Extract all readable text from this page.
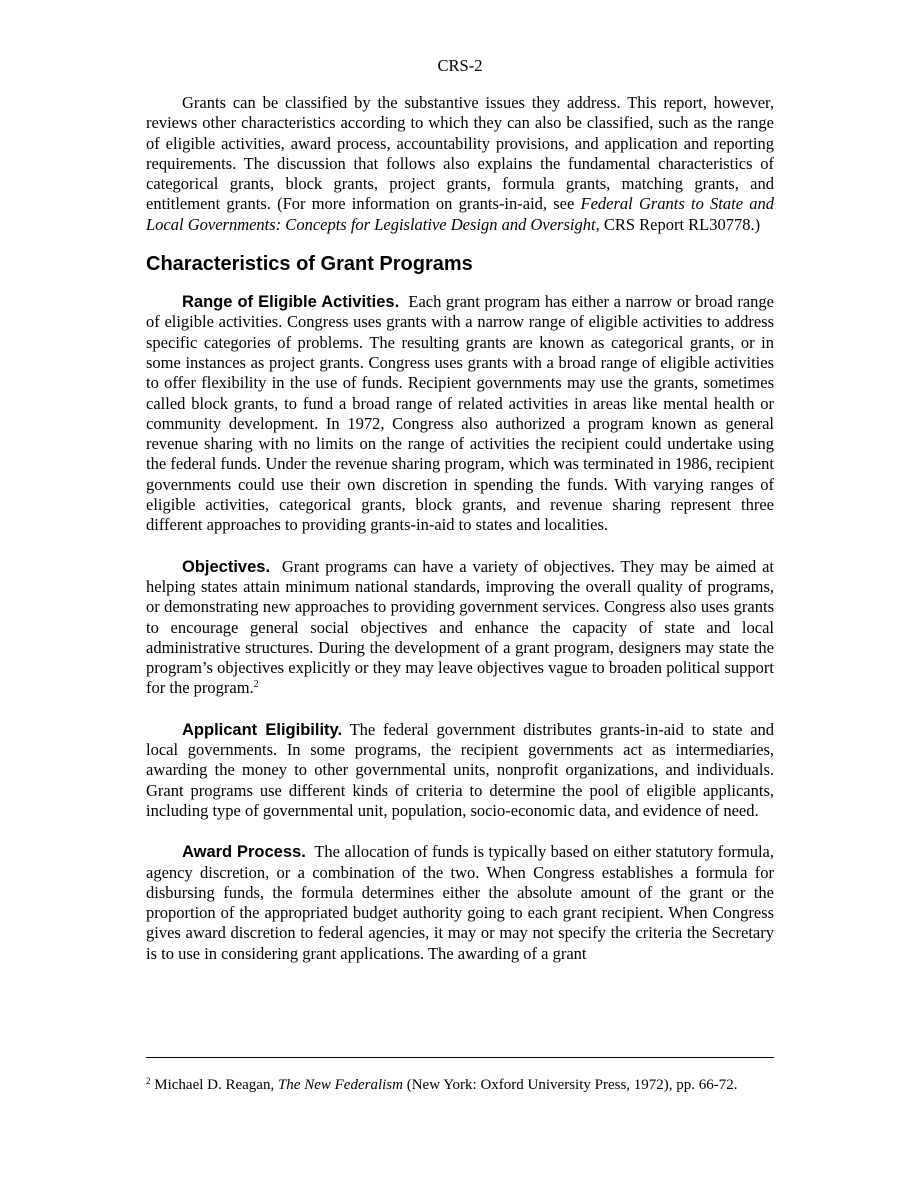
CRS-2

Grants can be classified by the substantive issues they address. This report, however, reviews other characteristics according to which they can also be classified, such as the range of eligible activities, award process, accountability provisions, and application and reporting requirements. The discussion that follows also explains the fundamental characteristics of categorical grants, block grants, project grants, formula grants, matching grants, and entitlement grants. (For more information on grants-in-aid, see Federal Grants to State and Local Governments: Concepts for Legislative Design and Oversight, CRS Report RL30778.)

Characteristics of Grant Programs

Range of Eligible Activities. Each grant program has either a narrow or broad range of eligible activities. Congress uses grants with a narrow range of eligible activities to address specific categories of problems. The resulting grants are known as categorical grants, or in some instances as project grants. Congress uses grants with a broad range of eligible activities to offer flexibility in the use of funds. Recipient governments may use the grants, sometimes called block grants, to fund a broad range of related activities in areas like mental health or community development. In 1972, Congress also authorized a program known as general revenue sharing with no limits on the range of activities the recipient could undertake using the federal funds. Under the revenue sharing program, which was terminated in 1986, recipient governments could use their own discretion in spending the funds. With varying ranges of eligible activities, categorical grants, block grants, and revenue sharing represent three different approaches to providing grants-in-aid to states and localities.

Objectives. Grant programs can have a variety of objectives. They may be aimed at helping states attain minimum national standards, improving the overall quality of programs, or demonstrating new approaches to providing government services. Congress also uses grants to encourage general social objectives and enhance the capacity of state and local administrative structures. During the development of a grant program, designers may state the program’s objectives explicitly or they may leave objectives vague to broaden political support for the program.$^2$

Applicant Eligibility. The federal government distributes grants-in-aid to state and local governments. In some programs, the recipient governments act as intermediaries, awarding the money to other governmental units, nonprofit organizations, and individuals. Grant programs use different kinds of criteria to determine the pool of eligible applicants, including type of governmental unit, population, socio-economic data, and evidence of need.

Award Process. The allocation of funds is typically based on either statutory formula, agency discretion, or a combination of the two. When Congress establishes a formula for disbursing funds, the formula determines either the absolute amount of the grant or the proportion of the appropriated budget authority going to each grant recipient. When Congress gives award discretion to federal agencies, it may or may not specify the criteria the Secretary is to use in considering grant applications. The awarding of a grant

$^2$ Michael D. Reagan, The New Federalism (New York: Oxford University Press, 1972), pp. 66-72.
